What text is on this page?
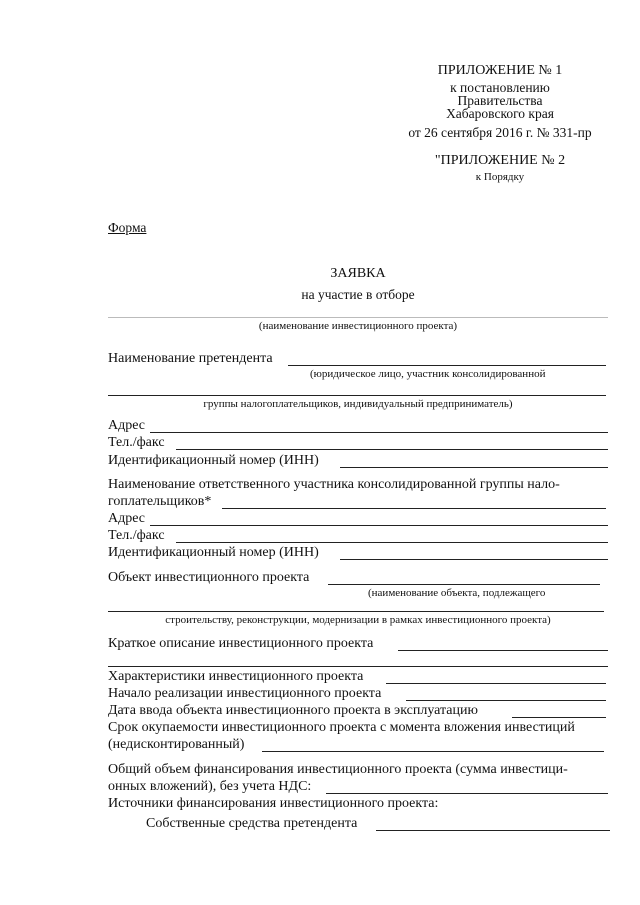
ПРИЛОЖЕНИЕ № 1
к постановлению
Правительства
Хабаровского края
от 26 сентября 2016 г. № 331-пр
"ПРИЛОЖЕНИЕ № 2
к Порядку
Форма
ЗАЯВКА
на участие в отборе
(наименование инвестиционного проекта)
Наименование претендента
(юридическое лицо, участник консолидированной
группы налогоплательщиков, индивидуальный предприниматель)
Адрес
Тел./факс
Идентификационный номер (ИНН)
Наименование ответственного участника консолидированной группы нало-
гоплательщиков*
Адрес
Тел./факс
Идентификационный номер (ИНН)
Объект инвестиционного проекта
(наименование объекта, подлежащего
строительству, реконструкции, модернизации в рамках инвестиционного проекта)
Краткое описание инвестиционного проекта
Характеристики инвестиционного проекта
Начало реализации инвестиционного проекта
Дата ввода объекта инвестиционного проекта в эксплуатацию
Срок окупаемости инвестиционного проекта с момента вложения инвестиций
(недисконтированный)
Общий объем финансирования инвестиционного проекта (сумма инвестици-
онных вложений), без учета НДС:
Источники финансирования инвестиционного проекта:
Собственные средства претендента
